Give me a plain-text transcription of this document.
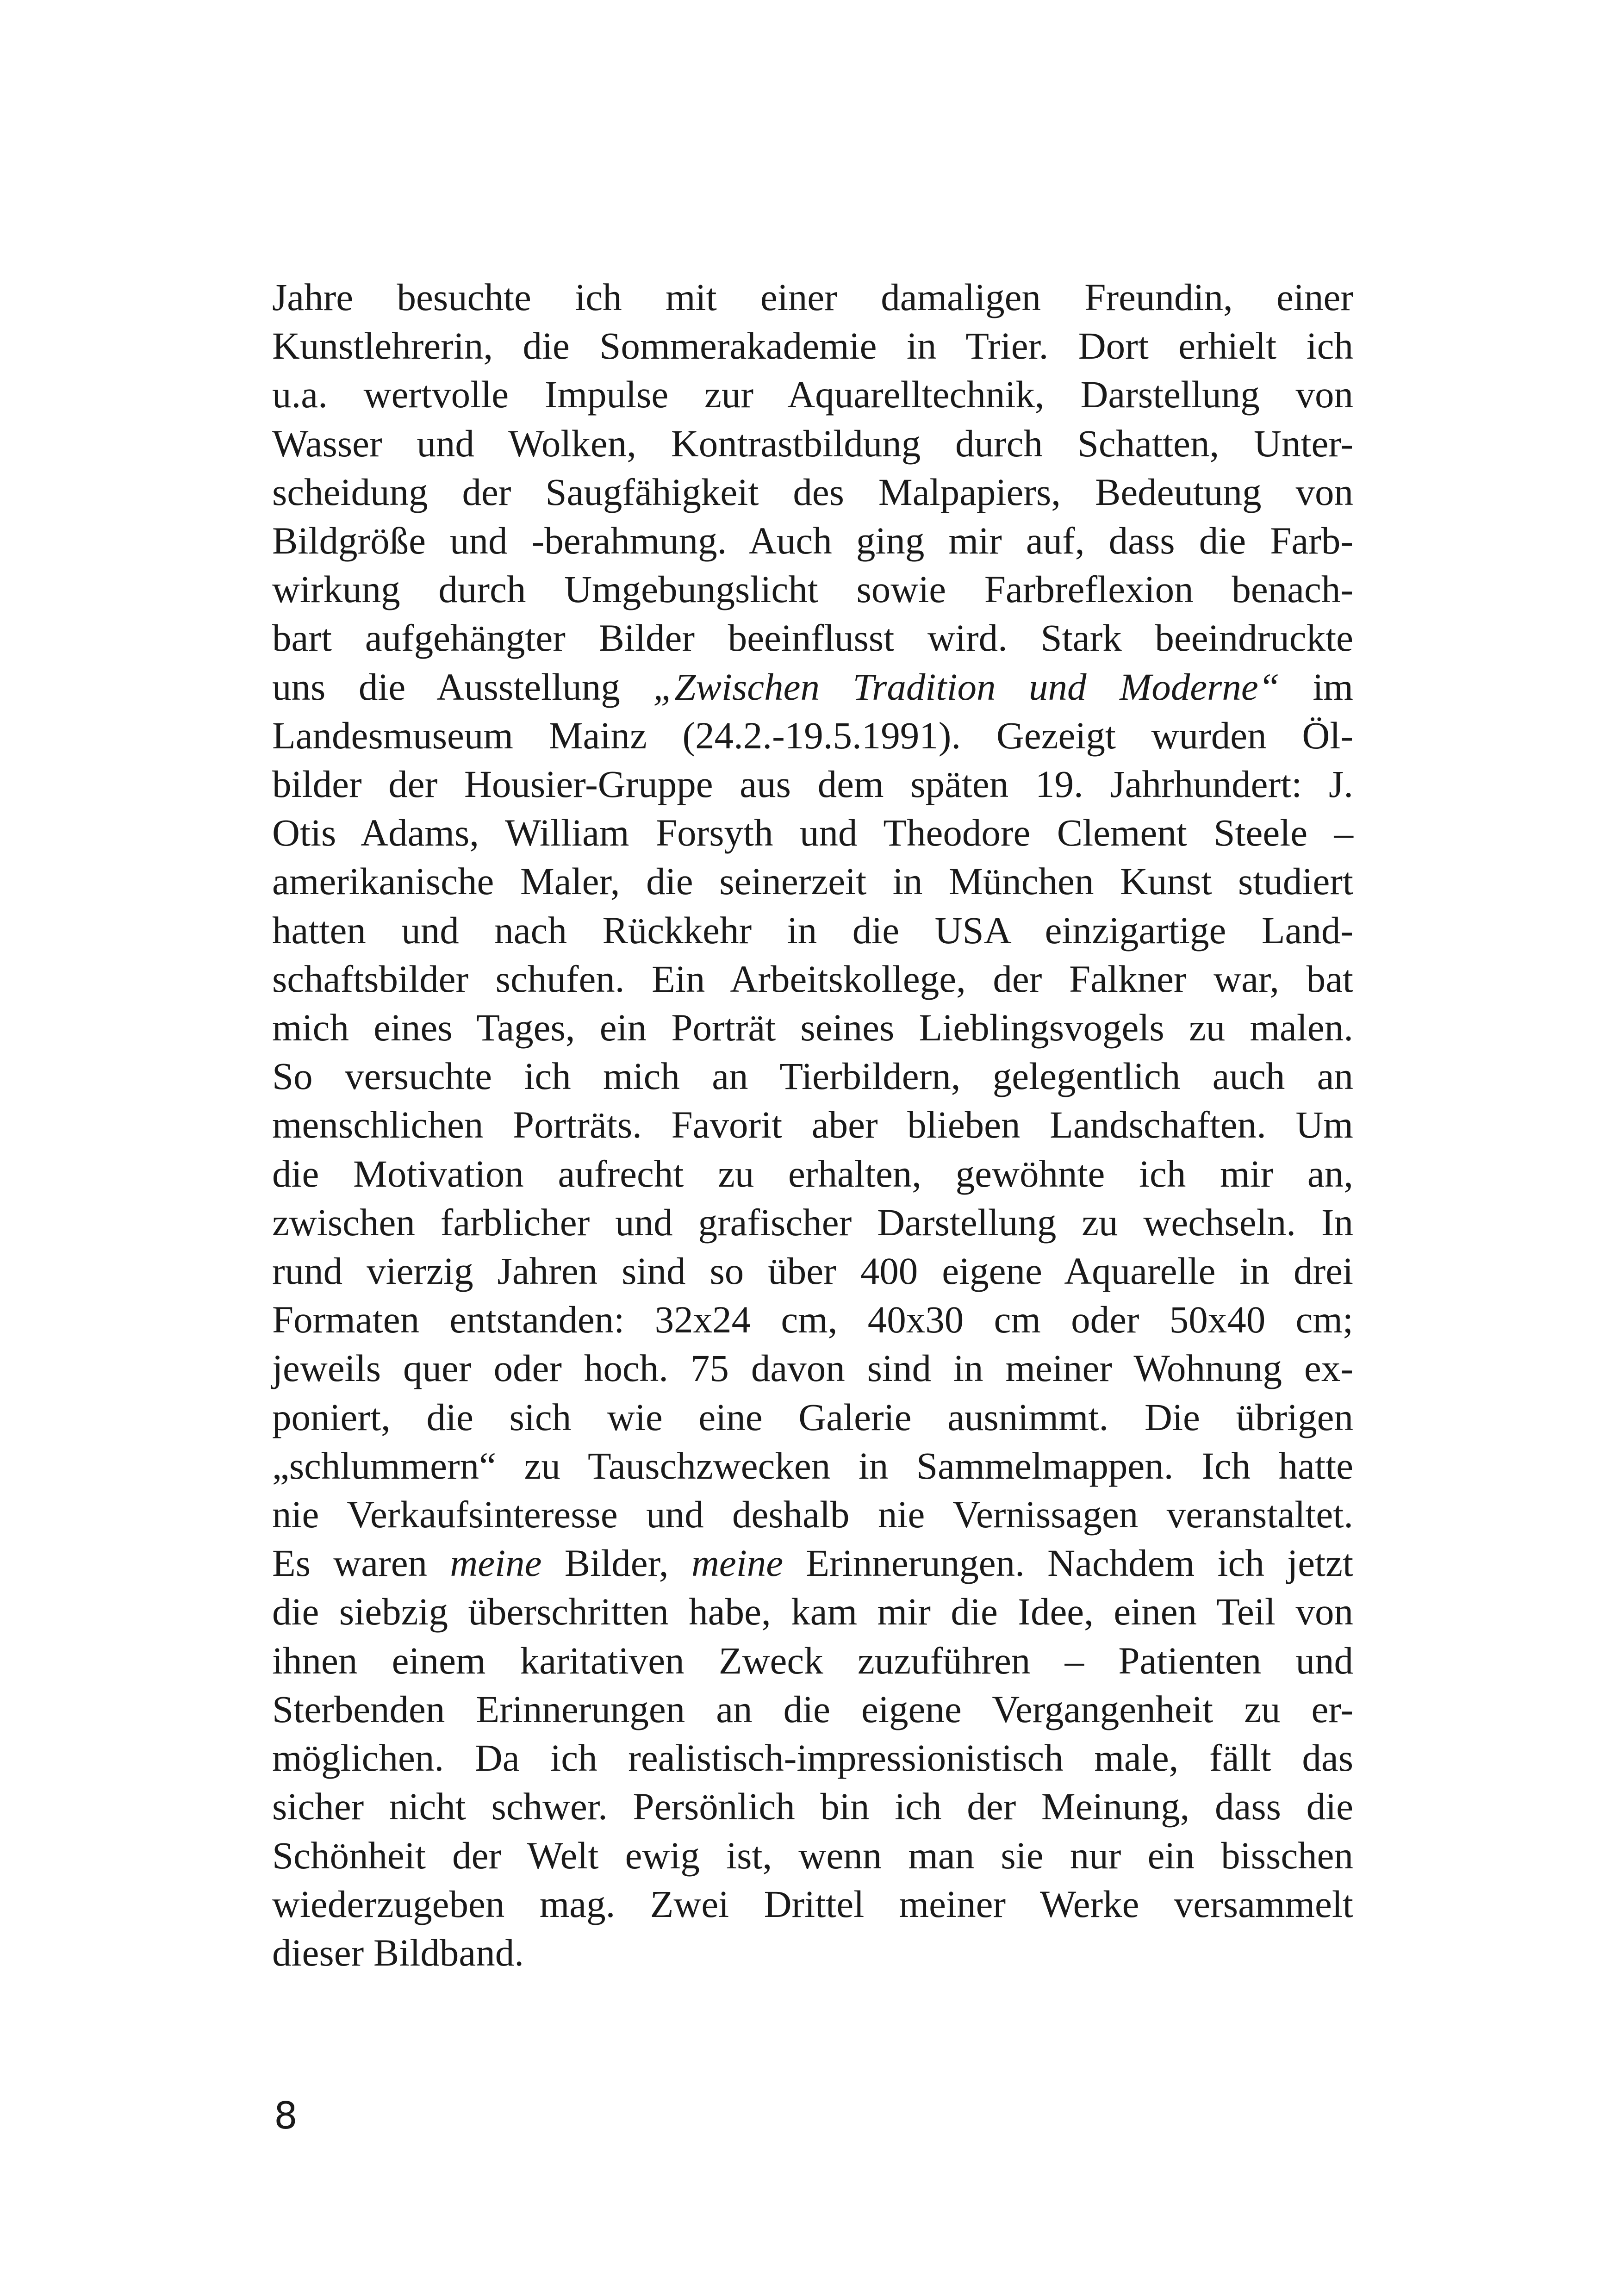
Jahre besuchte ich mit einer damaligen Freundin, einer
Kunstlehrerin, die Sommerakademie in Trier. Dort erhielt ich
u.a. wertvolle Impulse zur Aquarelltechnik, Darstellung von
Wasser und Wolken, Kontrastbildung durch Schatten, Unter-
scheidung der Saugfähigkeit des Malpapiers, Bedeutung von
Bildgröße und -berahmung. Auch ging mir auf, dass die Farb-
wirkung durch Umgebungslicht sowie Farbreflexion benach-
bart aufgehängter Bilder beeinflusst wird. Stark beeindruckte
uns die Ausstellung „Zwischen Tradition und Moderne“ im
Landesmuseum Mainz (24.2.-19.5.1991). Gezeigt wurden Öl-
bilder der Housier-Gruppe aus dem späten 19. Jahrhundert: J.
Otis Adams, William Forsyth und Theodore Clement Steele –
amerikanische Maler, die seinerzeit in München Kunst studiert
hatten und nach Rückkehr in die USA einzigartige Land-
schaftsbilder schufen. Ein Arbeitskollege, der Falkner war, bat
mich eines Tages, ein Porträt seines Lieblingsvogels zu malen.
So versuchte ich mich an Tierbildern, gelegentlich auch an
menschlichen Porträts. Favorit aber blieben Landschaften. Um
die Motivation aufrecht zu erhalten, gewöhnte ich mir an,
zwischen farblicher und grafischer Darstellung zu wechseln. In
rund vierzig Jahren sind so über 400 eigene Aquarelle in drei
Formaten entstanden: 32x24 cm, 40x30 cm oder 50x40 cm;
jeweils quer oder hoch. 75 davon sind in meiner Wohnung ex-
poniert, die sich wie eine Galerie ausnimmt. Die übrigen
„schlummern“ zu Tauschzwecken in Sammelmappen. Ich hatte
nie Verkaufsinteresse und deshalb nie Vernissagen veranstaltet.
Es waren meine Bilder, meine Erinnerungen. Nachdem ich jetzt
die siebzig überschritten habe, kam mir die Idee, einen Teil von
ihnen einem karitativen Zweck zuzuführen – Patienten und
Sterbenden Erinnerungen an die eigene Vergangenheit zu er-
möglichen. Da ich realistisch-impressionistisch male, fällt das
sicher nicht schwer. Persönlich bin ich der Meinung, dass die
Schönheit der Welt ewig ist, wenn man sie nur ein bisschen
wiederzugeben mag. Zwei Drittel meiner Werke versammelt
dieser Bildband.

8
